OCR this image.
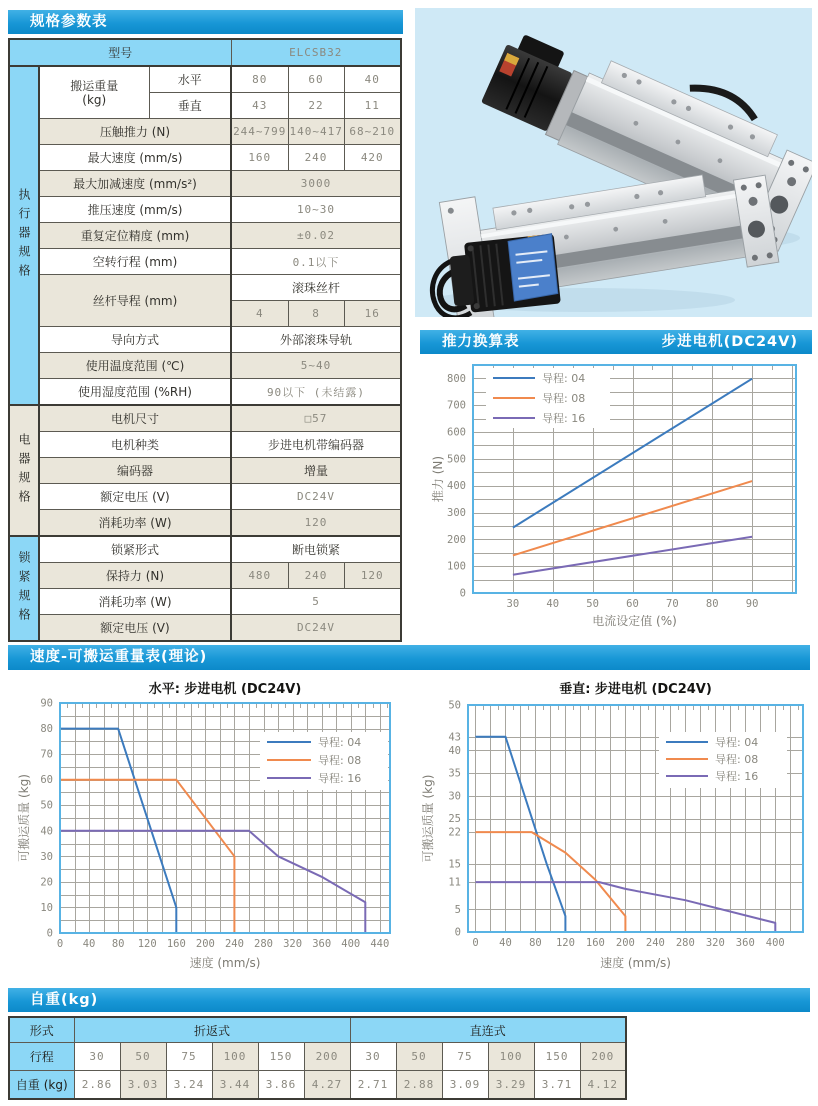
规格参数表
型号			ELCSB32		

执行器规格	搬运重量
(kg)	水平	80	60	40
		垂直	43	22	11
	压触推力 (N)		244~799	140~417	68~210
	最大速度 (mm/s)		160	240	420
	最大加减速度 (mm/s²)		3000		
	推压速度 (mm/s)		10~30		
	重复定位精度 (mm)		±0.02		
	空转行程 (mm)		0.1以下		
	丝杆导程 (mm)		滚珠丝杆		
			4	8	16
	导向方式		外部滚珠导轨		
	使用温度范围 (℃)		5~40		
	使用湿度范围 (%RH)		90以下 (未结露)		

电器规格	电机尺寸		□57		
	电机种类		步进电机带编码器		
	编码器		增量		
	额定电压 (V)		DC24V		
	消耗功率 (W)		120		

锁紧规格	锁紧形式		断电锁紧		
	保持力 (N)		480	240	120
	消耗功率 (W)		5		
	额定电压 (V)		DC24V		
推力换算表	步进电机(DC24V)
导程: 04
导程: 08
导程: 16
30	40	50	60	70	80	90
0
100
200
300
400
500
600
700
800
电流设定值 (%)
推力 (N)
速度-可搬运重量表(理论)
导程: 04
导程: 08
导程: 16
0 40 80 120 160 200 240 280 320 360 400 440
0
10
20
30
40
50
60
70
80
90
速度 (mm/s)
可搬运质量 (kg)
水平: 步进电机 (DC24V)
导程: 04
导程: 08
导程: 16
0 40 80 120 160 200 240 280 320 360 400
0
5
11
15
22
25
30
35
40
43
50
速度 (mm/s)
可搬运质量 (kg)
垂直: 步进电机 (DC24V)
自重(kg)
形式	折返式						直连式					
行程	30	50	75	100	150	200	30	50	75	100	150	200
自重 (kg)	2.86	3.03	3.24	3.44	3.86	4.27	2.71	2.88	3.09	3.29	3.71	4.12
